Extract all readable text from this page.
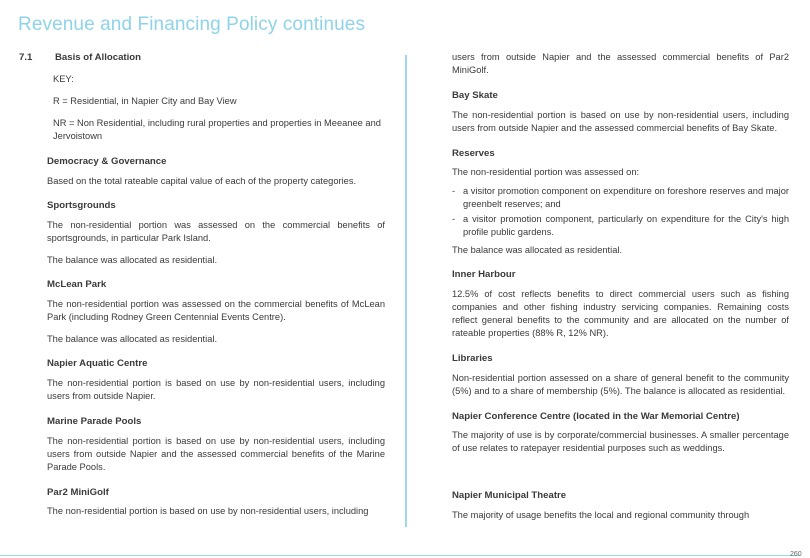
Revenue and Financing Policy continues
7.1 Basis of Allocation
KEY:
R = Residential, in Napier City and Bay View
NR = Non Residential, including rural properties and properties in Meeanee and Jervoistown
Democracy & Governance
Based on the total rateable capital value of each of the property categories.
Sportsgrounds
The non-residential portion was assessed on the commercial benefits of sportsgrounds, in particular Park Island.
The balance was allocated as residential.
McLean Park
The non-residential portion was assessed on the commercial benefits of McLean Park (including Rodney Green Centennial Events Centre).
The balance was allocated as residential.
Napier Aquatic Centre
The non-residential portion is based on use by non-residential users, including users from outside Napier.
Marine Parade Pools
The non-residential portion is based on use by non-residential users, including users from outside Napier and the assessed commercial benefits of the Marine Parade Pools.
Par2 MiniGolf
The non-residential portion is based on use by non-residential users, including
users from outside Napier and the assessed commercial benefits of Par2 MiniGolf.
Bay Skate
The non-residential portion is based on use by non-residential users, including users from outside Napier and the assessed commercial benefits of Bay Skate.
Reserves
The non-residential portion was assessed on:
- a visitor promotion component on expenditure on foreshore reserves and major greenbelt reserves; and
- a visitor promotion component, particularly on expenditure for the City's high profile public gardens.
The balance was allocated as residential.
Inner Harbour
12.5% of cost reflects benefits to direct commercial users such as fishing companies and other fishing industry servicing companies. Remaining costs reflect general benefits to the community and are allocated on the number of rateable properties (88% R, 12% NR).
Libraries
Non-residential portion assessed on a share of general benefit to the community (5%) and to a share of membership (5%). The balance is allocated as residential.
Napier Conference Centre (located in the War Memorial Centre)
The majority of use is by corporate/commercial businesses. A smaller percentage of use relates to ratepayer residential purposes such as weddings.
Napier Municipal Theatre
The majority of usage benefits the local and regional community through
260
